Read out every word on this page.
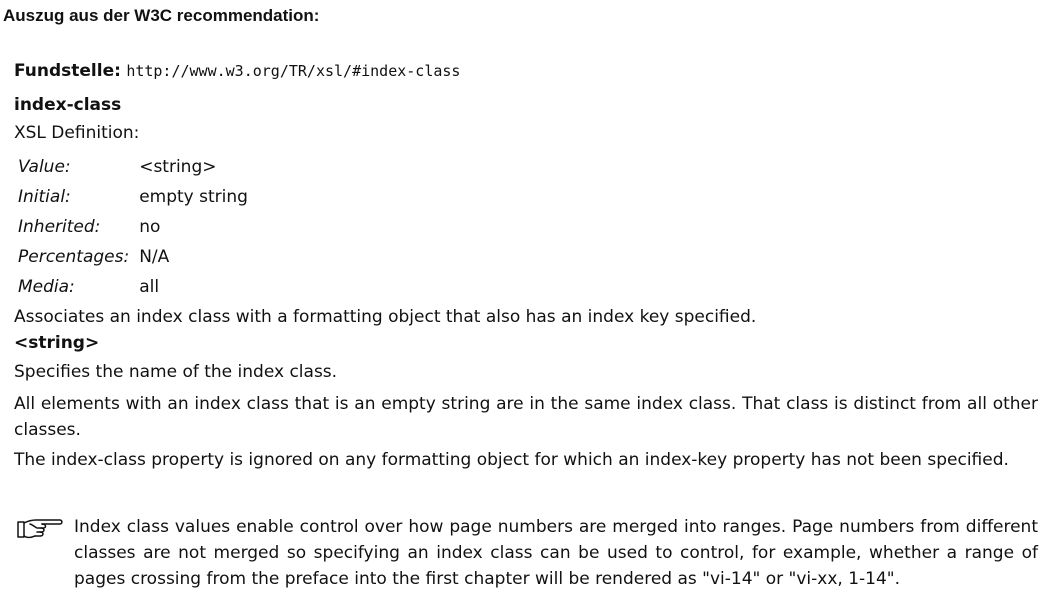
Auszug aus der W3C recommendation:
Fundstelle: http://www.w3.org/TR/xsl/#index-class
index-class
XSL Definition:
Value:	<string>
Initial:	empty string
Inherited:	no
Percentages:	N/A
Media:	all

Associates an index class with a formatting object that also has an index key specified.

<string>

Specifies the name of the index class.

All elements with an index class that is an empty string are in the same index class. That class is distinct from all other classes.

The index-class property is ignored on any formatting object for which an index-key property has not been specified.

Index class values enable control over how page numbers are merged into ranges. Page numbers from different classes are not merged so specifying an index class can be used to control, for example, whether a range of pages crossing from the preface into the first chapter will be rendered as "vi-14" or "vi-xx, 1-14".
